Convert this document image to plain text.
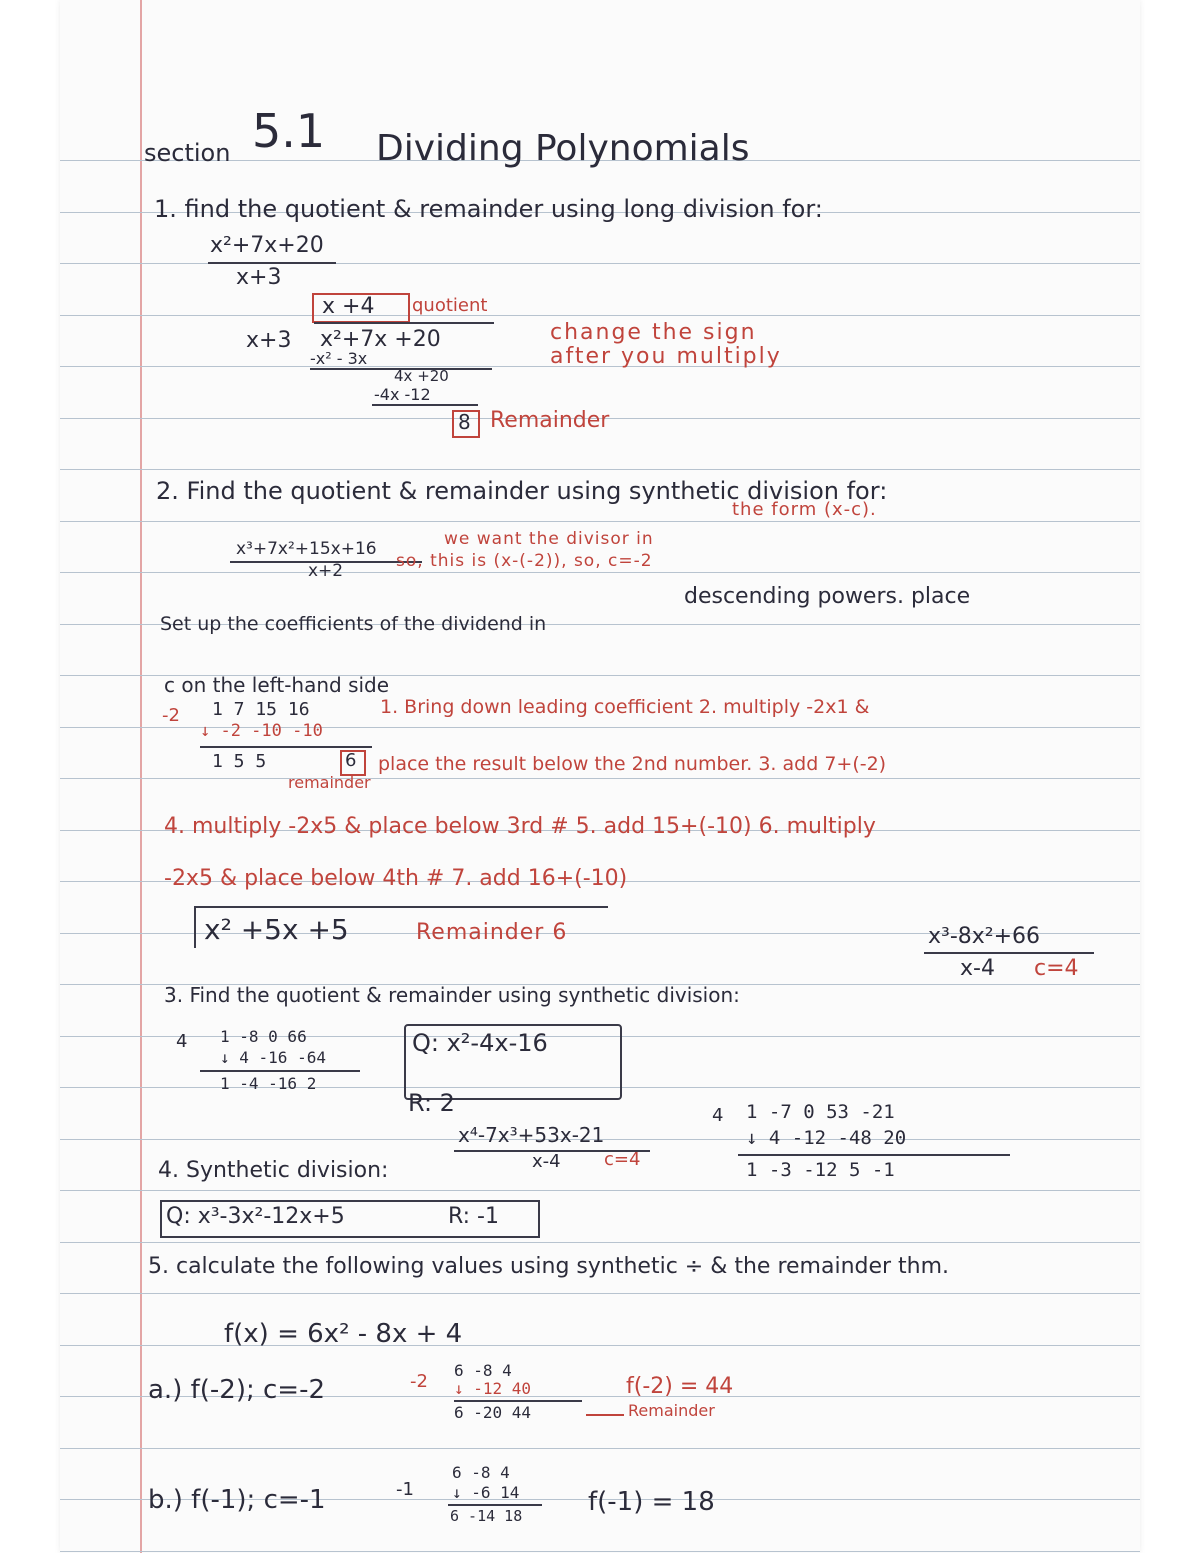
section 5.1 Dividing Polynomials
1. find the quotient & remainder using long division for:
x²+7x+20
x+3
x +4 quotient
x+3 x²+7x +20
-x² - 3x
4x +20
-4x -12
8 Remainder
change the sign
after you multiply
2. Find the quotient & remainder using synthetic division for:
the form (x-c).
x³+7x²+15x+16
x+2
we want the divisor in
so, this is (x-(-2)), so, c=-2
Set up the coefficients of the dividend in
descending powers. place
c on the left-hand side
-2 1 7 15 16
↓ -2 -10 -10
1 5 5	6
remainder
1. Bring down leading coefficient 2. multiply -2x1 &
place the result below the 2nd number. 3. add 7+(-2)
4. multiply -2x5 & place below 3rd # 5. add 15+(-10) 6. multiply
-2x5 & place below 4th # 7. add 16+(-10)
x² +5x +5	Remainder 6	x³-8x²+66
x-4 c=4
3. Find the quotient & remainder using synthetic division:
4 1 -8 0 66
↓ 4 -16 -64
1 -4 -16 2
Q: x²-4x-16
R: 2
x⁴-7x³+53x-21
x-4 c=4
4. Synthetic division:
4 1 -7 0 53 -21
↓ 4 -12 -48 20
1 -3 -12 5 -1
Q: x³-3x²-12x+5	R: -1
5. calculate the following values using synthetic ÷ & the remainder thm.
f(x) = 6x² - 8x + 4
a.) f(-2); c=-2	-2
6 -8 4
↓ -12 40
6 -20 44
f(-2) = 44
Remainder
b.) f(-1); c=-1	-1
6 -8 4
↓ -6 14
6 -14 18	f(-1) = 18
